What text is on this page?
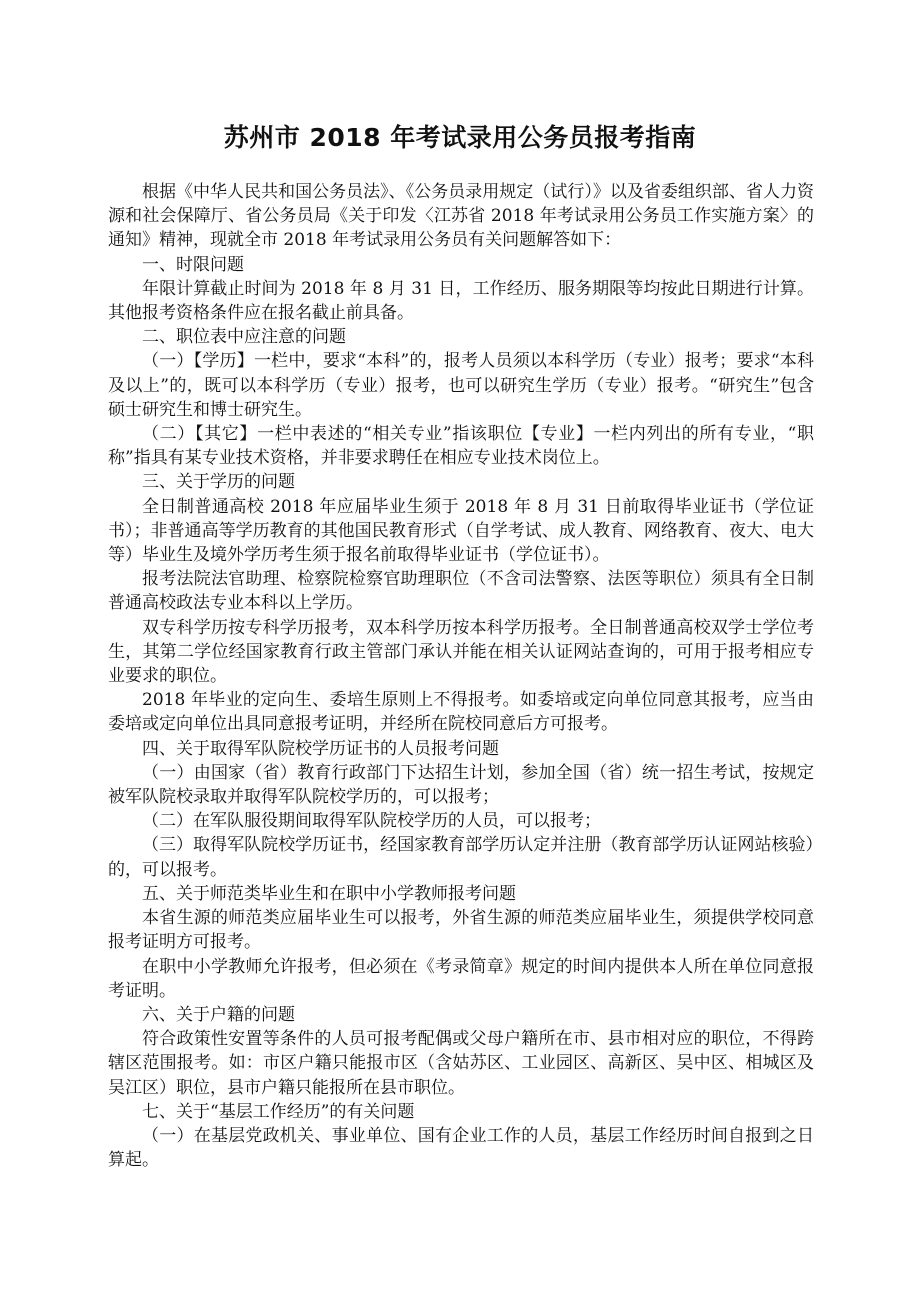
苏州市 2018 年考试录用公务员报考指南

根据《中华人民共和国公务员法》、《公务员录用规定（试行）》以及省委组织部、省人力资源和社会保障厅、省公务员局《关于印发〈江苏省 2018 年考试录用公务员工作实施方案〉的通知》精神，现就全市 2018 年考试录用公务员有关问题解答如下：

一、时限问题

年限计算截止时间为 2018 年 8 月 31 日，工作经历、服务期限等均按此日期进行计算。其他报考资格条件应在报名截止前具备。

二、职位表中应注意的问题

（一）【学历】一栏中，要求“本科”的，报考人员须以本科学历（专业）报考；要求“本科及以上”的，既可以本科学历（专业）报考，也可以研究生学历（专业）报考。“研究生”包含硕士研究生和博士研究生。

（二）【其它】一栏中表述的“相关专业”指该职位【专业】一栏内列出的所有专业，“职称”指具有某专业技术资格，并非要求聘任在相应专业技术岗位上。

三、关于学历的问题

全日制普通高校 2018 年应届毕业生须于 2018 年 8 月 31 日前取得毕业证书（学位证书）；非普通高等学历教育的其他国民教育形式（自学考试、成人教育、网络教育、夜大、电大等）毕业生及境外学历考生须于报名前取得毕业证书（学位证书）。

报考法院法官助理、检察院检察官助理职位（不含司法警察、法医等职位）须具有全日制普通高校政法专业本科以上学历。

双专科学历按专科学历报考，双本科学历按本科学历报考。全日制普通高校双学士学位考生，其第二学位经国家教育行政主管部门承认并能在相关认证网站查询的，可用于报考相应专业要求的职位。

2018 年毕业的定向生、委培生原则上不得报考。如委培或定向单位同意其报考，应当由委培或定向单位出具同意报考证明，并经所在院校同意后方可报考。

四、关于取得军队院校学历证书的人员报考问题

（一）由国家（省）教育行政部门下达招生计划，参加全国（省）统一招生考试，按规定被军队院校录取并取得军队院校学历的，可以报考；

（二）在军队服役期间取得军队院校学历的人员，可以报考；

（三）取得军队院校学历证书，经国家教育部学历认定并注册（教育部学历认证网站核验）的，可以报考。

五、关于师范类毕业生和在职中小学教师报考问题

本省生源的师范类应届毕业生可以报考，外省生源的师范类应届毕业生，须提供学校同意报考证明方可报考。

在职中小学教师允许报考，但必须在《考录简章》规定的时间内提供本人所在单位同意报考证明。

六、关于户籍的问题

符合政策性安置等条件的人员可报考配偶或父母户籍所在市、县市相对应的职位，不得跨辖区范围报考。如：市区户籍只能报市区（含姑苏区、工业园区、高新区、吴中区、相城区及吴江区）职位，县市户籍只能报所在县市职位。

七、关于“基层工作经历”的有关问题

（一）在基层党政机关、事业单位、国有企业工作的人员，基层工作经历时间自报到之日算起。
